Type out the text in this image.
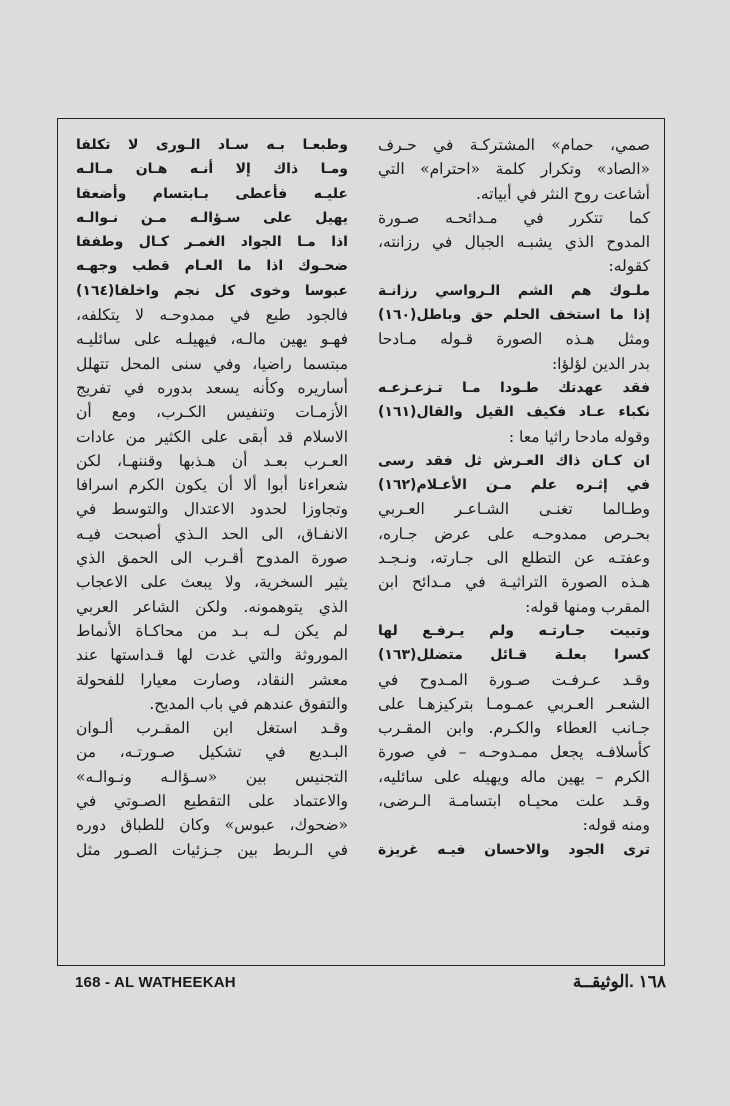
صمي، حمام» المشتركـة في حـرف
«الصاد» وتكرار كلمة «احترام» التي
أشاعت روح النثر في أبياته.
كما تتكرر في مـدائحـه صـورة
المدوح الذي يشبـه الجبال في رزانته،
كقوله:
ملـوك هم الشم الـرواسي رزانـة
إذا ما استخف الحلم حق وباطل(١٦٠)
ومثل هـذه الصورة قـوله مـادحا
بدر الدين لؤلؤا:
فقد عهدتك طـودا مـا تـزعـزعـه
نكباء عـاد فكيف القيل والقال(١٦١)
وقوله مادحا راثيا معا :
ان كـان ذاك العـرش ثل فقد رسى
في إثـره علم مـن الأعـلام(١٦٢)
وطـالما تغنـى الشـاعـر العـربي
بحـرص ممدوحـه على عرض جـاره،
وعفتـه عن التطلع الى جـارته، ونـجـد
هـذه الصورة التراثيـة في مـدائح ابن
المقرب ومنها قوله:
وتبيت جـارتـه ولم يـرفـع لها
كسرا بعلـة قـائل متضلل(١٦٣)
وقـد عـرفـت صـورة المـدوح في
الشعـر العـربي عمـومـا بتركيزهـا على
جـانب العطاء والكـرم. وابن المقـرب
كأسلافـه يجعل ممـدوحـه – في صورة
الكرم – يهين ماله ويهيله على سائليه،
وقـد علت محيـاه ابتسامـة الـرضى،
ومنه قوله:
ترى الجود والاحسان فيـه غريزة
وطبعـا بـه سـاد الـورى لا تكلفا
ومـا ذاك إلا أنـه هـان مـالـه
عليـه فأعطى بـابتسام وأضعفا
يهيل على سـؤالـه مـن نـوالـه
اذا مـا الجواد الغمـر كـال وطففا
ضحـوك اذا ما العـام قطب وجهـه
عبوسا وخوى كل نجم واخلفا(١٦٤)
فالجود طبع في ممدوحـه لا يتكلفه،
فهـو يهين مالـه، فيهيلـه على سائليـه
مبتسما راضيا، وفي سنى المحل تتهلل
أساريره وكأنه يسعد بدوره في تفريج
الأزمـات وتنفيس الكـرب، ومع أن
الاسلام قد أبقى على الكثير من عادات
العـرب بعـد أن هـذبها وقننهـا، لكن
شعراءنا أبوا ألا أن يكون الكرم اسرافا
وتجاوزا لحدود الاعتدال والتوسط في
الانفـاق، الى الحد الـذي أصبحت فيـه
صورة المدوح أقـرب الى الحمق الذي
يثير السخرية، ولا يبعث على الاعجاب
الذي يتوهمونه. ولكن الشاعر العربي
لم يكن لـه بـد من محاكـاة الأنماط
الموروثة والتي غدت لها قـداستها عند
معشر النقاد، وصارت معيارا للفحولة
والتفوق عندهم في باب المديح.
وقـد استغل ابن المقـرب ألـوان
البـديع في تشكيل صـورتـه، من
التجنيس بين «سـؤالـه ونـوالـه»
والاعتماد على التقطيع الصـوتي في
«ضحوك، عبوس» وكان للطباق دوره
في الـربط بين جـزئيات الصـور مثل
168 - AL WATHEEKAH	١٦٨ .الوثيقــة
